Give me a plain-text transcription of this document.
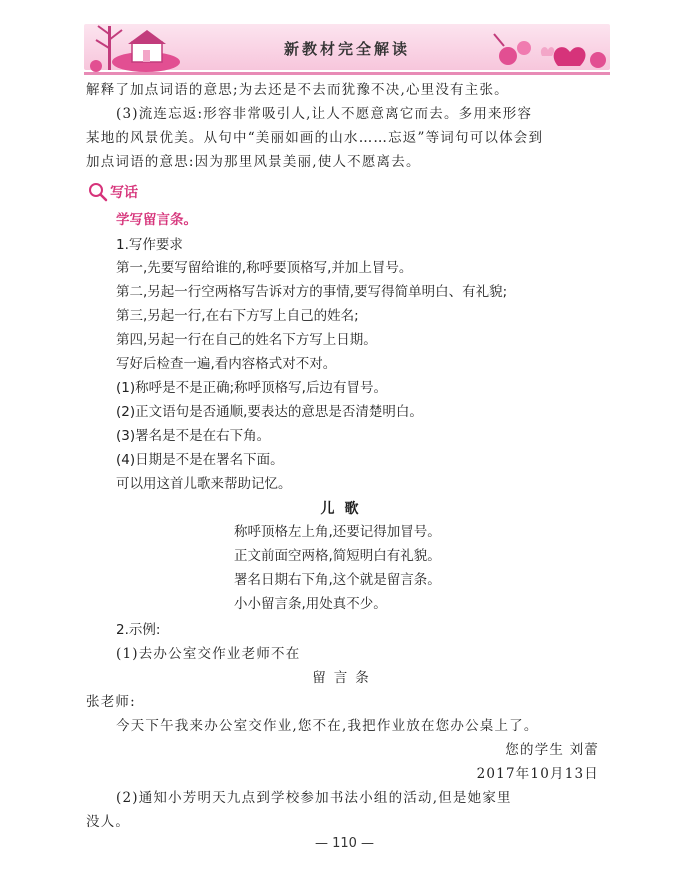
新教材完全解读
解释了加点词语的意思;为去还是不去而犹豫不决,心里没有主张。
(3)流连忘返:形容非常吸引人,让人不愿意离它而去。多用来形容
某地的风景优美。从句中“美丽如画的山水……忘返”等词句可以体会到
加点词语的意思:因为那里风景美丽,使人不愿离去。
写话
学写留言条。
1.写作要求
第一,先要写留给谁的,称呼要顶格写,并加上冒号。
第二,另起一行空两格写告诉对方的事情,要写得简单明白、有礼貌;
第三,另起一行,在右下方写上自己的姓名;
第四,另起一行在自己的姓名下方写上日期。
写好后检查一遍,看内容格式对不对。
(1)称呼是不是正确;称呼顶格写,后边有冒号。
(2)正文语句是否通顺,要表达的意思是否清楚明白。
(3)署名是不是在右下角。
(4)日期是不是在署名下面。
可以用这首儿歌来帮助记忆。
儿歌
称呼顶格左上角,还要记得加冒号。
正文前面空两格,简短明白有礼貌。
署名日期右下角,这个就是留言条。
小小留言条,用处真不少。
2.示例:
(1)去办公室交作业老师不在
留言条
张老师:
今天下午我来办公室交作业,您不在,我把作业放在您办公桌上了。
您的学生 刘蕾
2017年10月13日
(2)通知小芳明天九点到学校参加书法小组的活动,但是她家里
没人。
— 110 —
